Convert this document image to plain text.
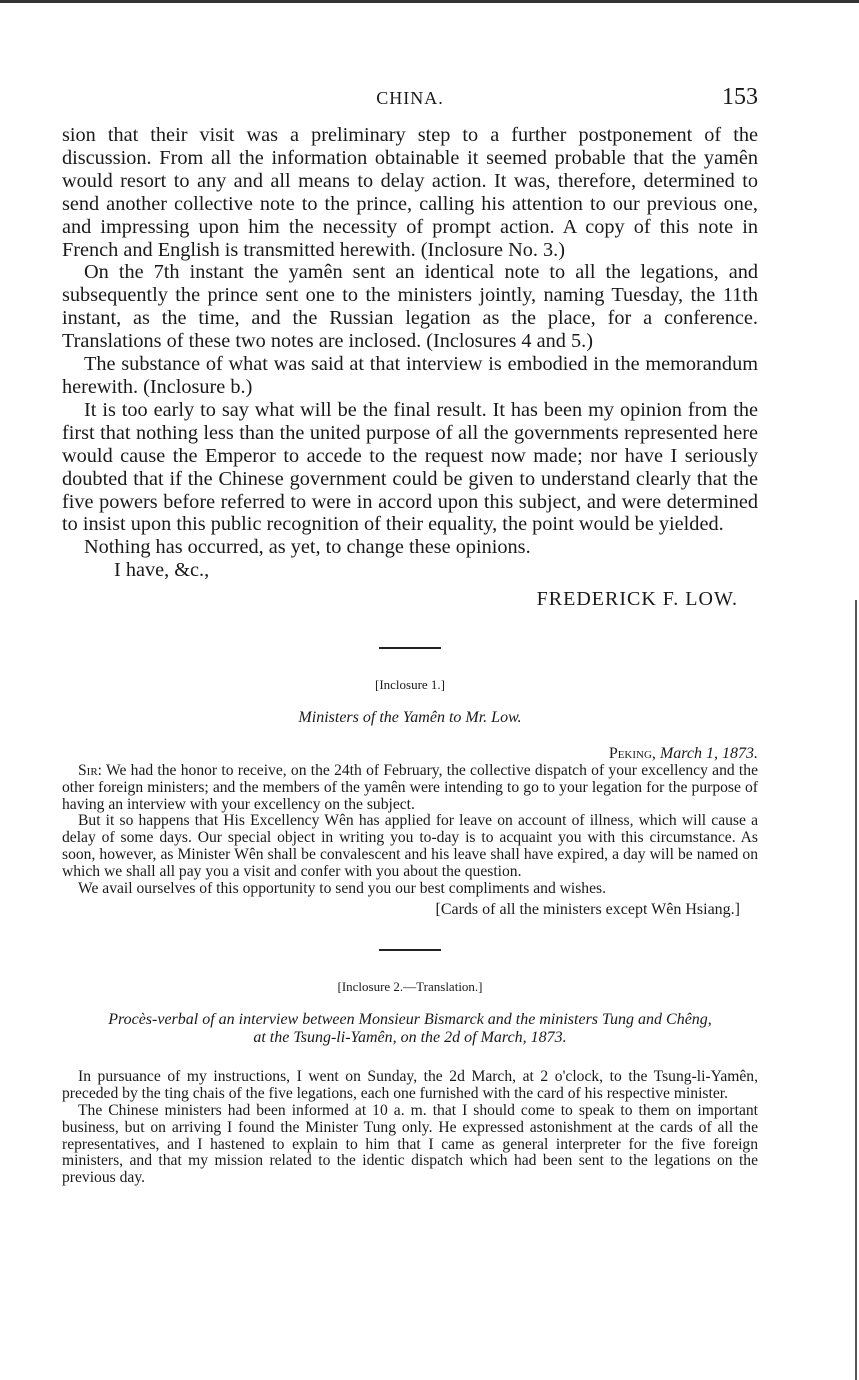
CHINA.	153

sion that their visit was a preliminary step to a further postponement of the discussion. From all the information obtainable it seemed probable that the yamên would resort to any and all means to delay action. It was, therefore, determined to send another collective note to the prince, calling his attention to our previous one, and impressing upon him the necessity of prompt action. A copy of this note in French and English is transmitted herewith. (Inclosure No. 3.)

On the 7th instant the yamên sent an identical note to all the legations, and subsequently the prince sent one to the ministers jointly, naming Tuesday, the 11th instant, as the time, and the Russian legation as the place, for a conference. Translations of these two notes are inclosed. (Inclosures 4 and 5.)

The substance of what was said at that interview is embodied in the memorandum herewith. (Inclosure b.)

It is too early to say what will be the final result. It has been my opinion from the first that nothing less than the united purpose of all the governments represented here would cause the Emperor to accede to the request now made; nor have I seriously doubted that if the Chinese government could be given to understand clearly that the five powers before referred to were in accord upon this subject, and were determined to insist upon this public recognition of their equality, the point would be yielded.

Nothing has occurred, as yet, to change these opinions.

I have, &c.,

FREDERICK F. LOW.

[Inclosure 1.]

Ministers of the Yamên to Mr. Low.

Peking, March 1, 1873.

Sir: We had the honor to receive, on the 24th of February, the collective dispatch of your excellency and the other foreign ministers; and the members of the yamên were intending to go to your legation for the purpose of having an interview with your excellency on the subject.

But it so happens that His Excellency Wên has applied for leave on account of illness, which will cause a delay of some days. Our special object in writing you to-day is to acquaint you with this circumstance. As soon, however, as Minister Wên shall be convalescent and his leave shall have expired, a day will be named on which we shall all pay you a visit and confer with you about the question.

We avail ourselves of this opportunity to send you our best compliments and wishes.

[Cards of all the ministers except Wên Hsiang.]

[Inclosure 2.—Translation.]

Procès-verbal of an interview between Monsieur Bismarck and the ministers Tung and Chêng,
at the Tsung-li-Yamên, on the 2d of March, 1873.

In pursuance of my instructions, I went on Sunday, the 2d March, at 2 o'clock, to the Tsung-li-Yamên, preceded by the ting chais of the five legations, each one furnished with the card of his respective minister.

The Chinese ministers had been informed at 10 a. m. that I should come to speak to them on important business, but on arriving I found the Minister Tung only. He expressed astonishment at the cards of all the representatives, and I hastened to explain to him that I came as general interpreter for the five foreign ministers, and that my mission related to the identic dispatch which had been sent to the legations on the previous day.
